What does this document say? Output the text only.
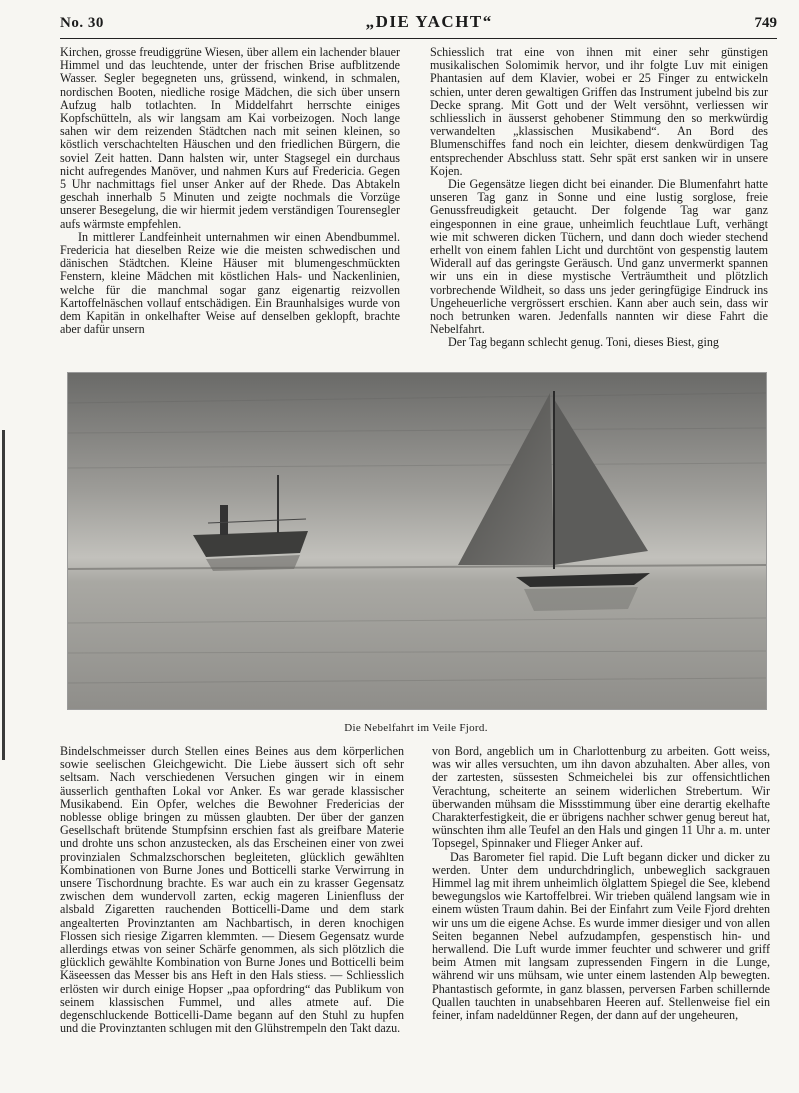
No. 30	„DIE YACHT“	749

Kirchen, grosse freudiggrüne Wiesen, über allem ein lachender blauer Himmel und das leuchtende, unter der frischen Brise aufblitzende Wasser. Segler begegneten uns, grüssend, winkend, in schmalen, nordischen Booten, niedliche rosige Mädchen, die sich über unsern Aufzug halb totlachten. In Middelfahrt herrschte einiges Kopfschütteln, als wir langsam am Kai vorbeizogen. Noch lange sahen wir dem reizenden Städtchen nach mit seinen kleinen, so köstlich verschachtelten Häuschen und den friedlichen Bürgern, die soviel Zeit hatten. Dann halsten wir, unter Stagsegel ein durchaus nicht aufregendes Manöver, und nahmen Kurs auf Fredericia. Gegen 5 Uhr nachmittags fiel unser Anker auf der Rhede. Das Abtakeln geschah innerhalb 5 Minuten und zeigte nochmals die Vorzüge unserer Besegelung, die wir hiermit jedem verständigen Tourensegler aufs wärmste empfehlen.

In mittlerer Landfeinheit unternahmen wir einen Abendbummel. Fredericia hat dieselben Reize wie die meisten schwedischen und dänischen Städtchen. Kleine Häuser mit blumengeschmückten Fenstern, kleine Mädchen mit köstlichen Hals- und Nackenlinien, welche für die manchmal sogar ganz eigenartig reizvollen Kartoffelnäschen vollauf entschädigen. Ein Braunhalsiges wurde von dem Kapitän in onkelhafter Weise auf denselben geklopft, brachte aber dafür unsern

Schiesslich trat eine von ihnen mit einer sehr günstigen musikalischen Solomimik hervor, und ihr folgte Luv mit einigen Phantasien auf dem Klavier, wobei er 25 Finger zu entwickeln schien, unter deren gewaltigen Griffen das Instrument jubelnd bis zur Decke sprang. Mit Gott und der Welt versöhnt, verliessen wir schliesslich in äusserst gehobener Stimmung den so merkwürdig verwandelten „klassischen Musikabend“. An Bord des Blumenschiffes fand noch ein leichter, diesem denkwürdigen Tag entsprechender Abschluss statt. Sehr spät erst sanken wir in unsere Kojen.

Die Gegensätze liegen dicht bei einander. Die Blumenfahrt hatte unseren Tag ganz in Sonne und eine lustig sorglose, freie Genussfreudigkeit getaucht. Der folgende Tag war ganz eingesponnen in eine graue, unheimlich feuchtlaue Luft, verhängt wie mit schweren dicken Tüchern, und dann doch wieder stechend erhellt von einem fahlen Licht und durchtönt von gespenstig lautem Widerall auf das geringste Geräusch. Und ganz unvermerkt spannen wir uns ein in diese mystische Verträumtheit und plötzlich vorbrechende Wildheit, so dass uns jeder geringfügige Eindruck ins Ungeheuerliche vergrössert erschien. Kann aber auch sein, dass wir noch betrunken waren. Jedenfalls nannten wir diese Fahrt die Nebelfahrt.

Der Tag begann schlecht genug. Toni, dieses Biest, ging

Die Nebelfahrt im Veile Fjord.

Bindelschmeisser durch Stellen eines Beines aus dem körperlichen sowie seelischen Gleichgewicht. Die Liebe äussert sich oft sehr seltsam. Nach verschiedenen Versuchen gingen wir in einem äusserlich genthaften Lokal vor Anker. Es war gerade klassischer Musikabend. Ein Opfer, welches die Bewohner Fredericias der noblesse oblige bringen zu müssen glaubten. Der über der ganzen Gesellschaft brütende Stumpfsinn erschien fast als greifbare Materie und drohte uns schon anzustecken, als das Erscheinen einer von zwei provinzialen Schmalzschorschen begleiteten, glücklich gewählten Kombinationen von Burne Jones und Botticelli starke Verwirrung in unsere Tischordnung brachte. Es war auch ein zu krasser Gegensatz zwischen dem wundervoll zarten, eckig mageren Linienfluss der alsbald Zigaretten rauchenden Botticelli-Dame und dem stark angealterten Provinztanten am Nachbartisch, in deren knochigen Flossen sich riesige Zigarren klemmten. — Diesem Gegensatz wurde allerdings etwas von seiner Schärfe genommen, als sich plötzlich die glücklich gewählte Kombination von Burne Jones und Botticelli beim Käseessen das Messer bis ans Heft in den Hals stiess. — Schliesslich erlösten wir durch einige Hopser „paa opfordring“ das Publikum von seinem klassischen Fummel, und alles atmete auf. Die degenschluckende Botticelli-Dame begann auf den Stuhl zu hupfen und die Provinztanten schlugen mit den Glühstrempeln den Takt dazu.

von Bord, angeblich um in Charlottenburg zu arbeiten. Gott weiss, was wir alles versuchten, um ihn davon abzuhalten. Aber alles, von der zartesten, süssesten Schmeichelei bis zur offensichtlichen Verachtung, scheiterte an seinem widerlichen Strebertum. Wir überwanden mühsam die Missstimmung über eine derartig ekelhafte Charakterfestigkeit, die er übrigens nachher schwer genug bereut hat, wünschten ihm alle Teufel an den Hals und gingen 11 Uhr a. m. unter Topsegel, Spinnaker und Flieger Anker auf.

Das Barometer fiel rapid. Die Luft begann dicker und dicker zu werden. Unter dem undurchdringlich, unbeweglich sackgrauen Himmel lag mit ihrem unheimlich ölglattem Spiegel die See, klebend bewegungslos wie Kartoffelbrei. Wir trieben quälend langsam wie in einem wüsten Traum dahin. Bei der Einfahrt zum Veile Fjord drehten wir uns um die eigene Achse. Es wurde immer diesiger und von allen Seiten begannen Nebel aufzudampfen, gespenstisch hin- und herwallend. Die Luft wurde immer feuchter und schwerer und griff beim Atmen mit langsam zupressenden Fingern in die Lunge, während wir uns mühsam, wie unter einem lastenden Alp bewegten. Phantastisch geformte, in ganz blassen, perversen Farben schillernde Quallen tauchten in unabsehbaren Heeren auf. Stellenweise fiel ein feiner, infam nadeldünner Regen, der dann auf der ungeheuren,
